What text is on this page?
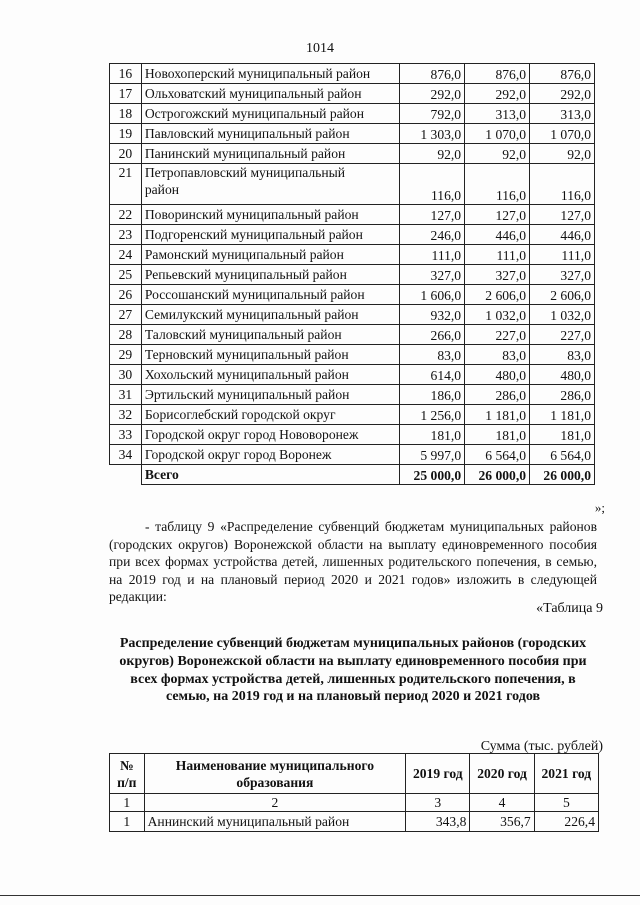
1014
16	Новохоперский муниципальный район	876,0	876,0	876,0
17	Ольховатский муниципальный район	292,0	292,0	292,0
18	Острогожский муниципальный район	792,0	313,0	313,0
19	Павловский муниципальный район	1 303,0	1 070,0	1 070,0
20	Панинский муниципальный район	92,0	92,0	92,0
21	Петропавловский муниципальный
район	116,0	116,0	116,0
22	Поворинский муниципальный район	127,0	127,0	127,0
23	Подгоренский муниципальный район	246,0	446,0	446,0
24	Рамонский муниципальный район	111,0	111,0	111,0
25	Репьевский муниципальный район	327,0	327,0	327,0
26	Россошанский муниципальный район	1 606,0	2 606,0	2 606,0
27	Семилукский муниципальный район	932,0	1 032,0	1 032,0
28	Таловский муниципальный район	266,0	227,0	227,0
29	Терновский муниципальный район	83,0	83,0	83,0
30	Хохольский муниципальный район	614,0	480,0	480,0
31	Эртильский муниципальный район	186,0	286,0	286,0
32	Борисоглебский городской округ	1 256,0	1 181,0	1 181,0
33	Городской округ город Нововоронеж	181,0	181,0	181,0
34	Городской округ город Воронеж	5 997,0	6 564,0	6 564,0
	Всего	25 000,0	26 000,0	26 000,0
»;

- таблицу 9 «Распределение субвенций бюджетам муниципальных районов (городских округов) Воронежской области на выплату единовременного пособия при всех формах устройства детей, лишенных родительского попечения, в семью, на 2019 год и на плановый период 2020 и 2021 годов» изложить в следующей редакции:

«Таблица 9

Распределение субвенций бюджетам муниципальных районов (городских округов) Воронежской области на выплату единовременного пособия при всех формах устройства детей, лишенных родительского попечения, в семью, на 2019 год и на плановый период 2020 и 2021 годов

Сумма (тыс. рублей)
№ п/п	Наименование муниципального образования	2019 год	2020 год	2021 год
1	2	3	4	5
1	Аннинский муниципальный район	343,8	356,7	226,4
